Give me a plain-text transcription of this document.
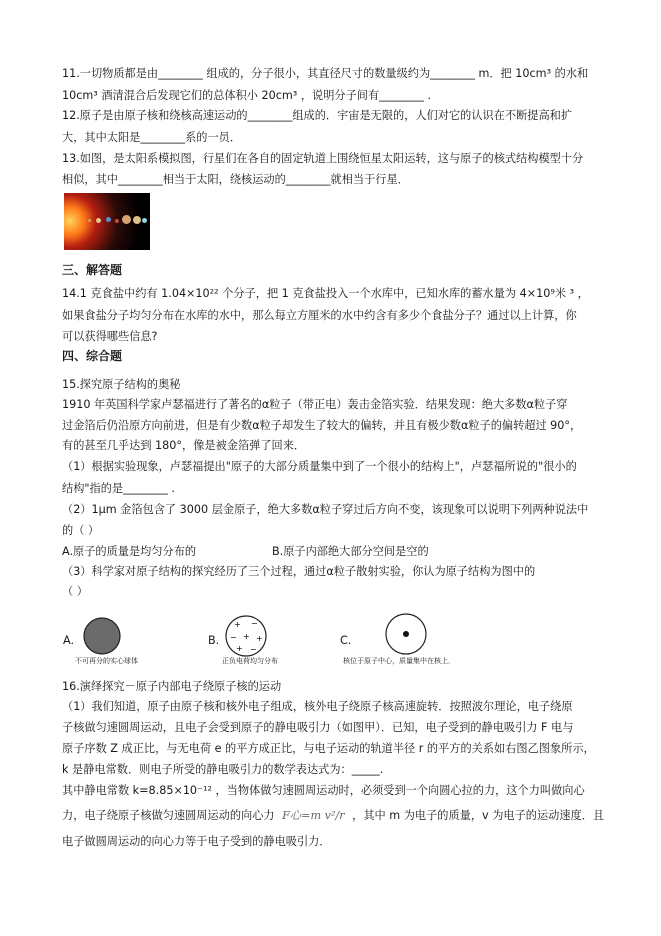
11.一切物质都是由________ 组成的，分子很小，其直径尺寸的数量级约为________ m．把 10cm³ 的水和
10cm³ 酒清混合后发现它们的总体积小 20cm³ ，说明分子间有________ .
12.原子是由原子核和绕核高速运动的________组成的．宇宙是无限的，人们对它的认识在不断提高和扩
大，其中太阳是________系的一员．
13.如图，是太阳系模拟图，行星们在各自的固定轨道上围绕恒星太阳运转，这与原子的核式结构模型十分
相似，其中________相当于太阳，绕核运动的________就相当于行星．
三、解答题
14.1 克食盐中约有 1.04×10²² 个分子，把 1 克食盐投入一个水库中，已知水库的蓄水量为 4×10⁹米 ³ ，
如果食盐分子均匀分布在水库的水中，那么每立方厘米的水中约含有多少个食盐分子？通过以上计算，你
可以获得哪些信息?
四、综合题
15.探究原子结构的奥秘
1910 年英国科学家卢瑟福进行了著名的α粒子（带正电）轰击金箔实验．结果发现：绝大多数α粒子穿
过金箔后仍沿原方向前进，但是有少数α粒子却发生了较大的偏转，并且有极少数α粒子的偏转超过 90°，
有的甚至几乎达到 180°，像是被金箔弹了回来．
（1）根据实验现象，卢瑟福提出"原子的大部分质量集中到了一个很小的结构上"，卢瑟福所说的"很小的
结构"指的是________ .
（2）1μm 金箔包含了 3000 层金原子，绝大多数α粒子穿过后方向不变，该现象可以说明下列两种说法中
的（ ）
A.原子的质量是均匀分布的	B.原子内部绝大部分空间是空的
（3）科学家对原子结构的探究经历了三个过程，通过α粒子散射实验，你认为原子结构为图中的
（ ）
A.
不可再分的实心球体
B.
+ −
− + +
+ −
正负电荷均匀分布
C.
核位于原子中心，质量集中在核上．
16.演绎探究－原子内部电子绕原子核的运动
（1）我们知道，原子由原子核和核外电子组成，核外电子绕原子核高速旋转．按照波尔理论，电子绕原
子核做匀速圆周运动，且电子会受到原子的静电吸引力（如图甲）．已知，电子受到的静电吸引力 F 电与
原子序数 Z 成正比，与无电荷 e 的平方成正比，与电子运动的轨道半径 r 的平方的关系如右图乙图象所示，
k 是静电常数．则电子所受的静电吸引力的数学表达式为：_____.
其中静电常数 k=8.85×10⁻¹² ，当物体做匀速圆周运动时，必须受到一个向圆心拉的力，这个力叫做向心
力，电子绕原子核做匀速圆周运动的向心力 F心=m v²/r ，其中 m 为电子的质量，v 为电子的运动速度．且
电子做圆周运动的向心力等于电子受到的静电吸引力．
